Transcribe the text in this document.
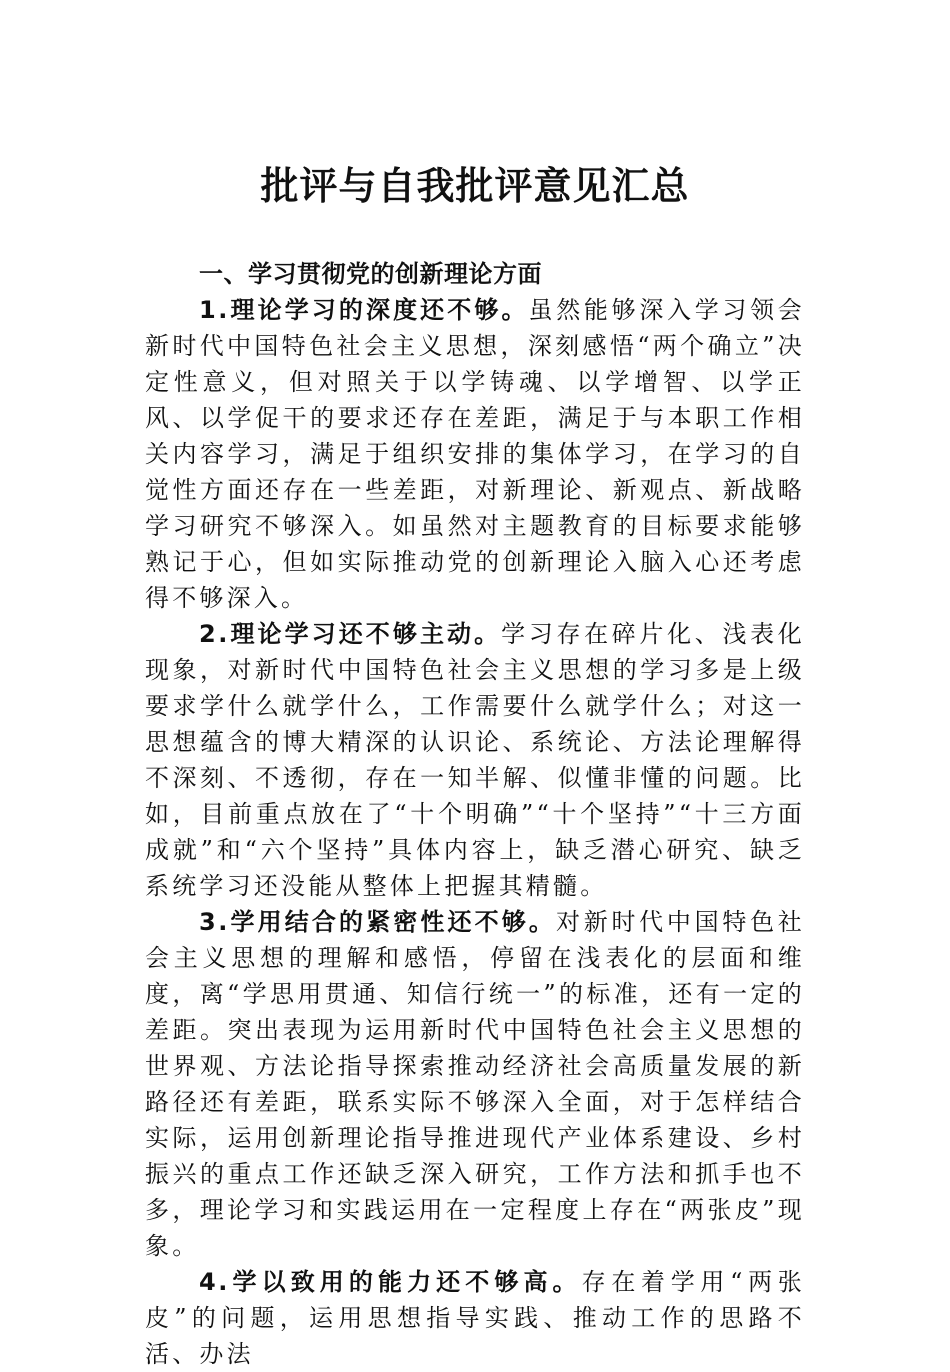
批评与自我批评意见汇总

一、学习贯彻党的创新理论方面

1.理论学习的深度还不够。虽然能够深入学习领会新时代中国特色社会主义思想，深刻感悟“两个确立”决定性意义，但对照关于以学铸魂、以学增智、以学正风、以学促干的要求还存在差距，满足于与本职工作相关内容学习，满足于组织安排的集体学习，在学习的自觉性方面还存在一些差距，对新理论、新观点、新战略学习研究不够深入。如虽然对主题教育的目标要求能够熟记于心，但如实际推动党的创新理论入脑入心还考虑得不够深入。

2.理论学习还不够主动。学习存在碎片化、浅表化现象，对新时代中国特色社会主义思想的学习多是上级要求学什么就学什么，工作需要什么就学什么；对这一思想蕴含的博大精深的认识论、系统论、方法论理解得不深刻、不透彻，存在一知半解、似懂非懂的问题。比如，目前重点放在了“十个明确”“十个坚持”“十三方面成就”和“六个坚持”具体内容上，缺乏潜心研究、缺乏系统学习还没能从整体上把握其精髓。

3.学用结合的紧密性还不够。对新时代中国特色社会主义思想的理解和感悟，停留在浅表化的层面和维度，离“学思用贯通、知信行统一”的标准，还有一定的差距。突出表现为运用新时代中国特色社会主义思想的世界观、方法论指导探索推动经济社会高质量发展的新路径还有差距，联系实际不够深入全面，对于怎样结合实际，运用创新理论指导推进现代产业体系建设、乡村振兴的重点工作还缺乏深入研究，工作方法和抓手也不多，理论学习和实践运用在一定程度上存在“两张皮”现象。

4.学以致用的能力还不够高。存在着学用“两张皮”的问题，运用思想指导实践、推动工作的思路不活、办法
